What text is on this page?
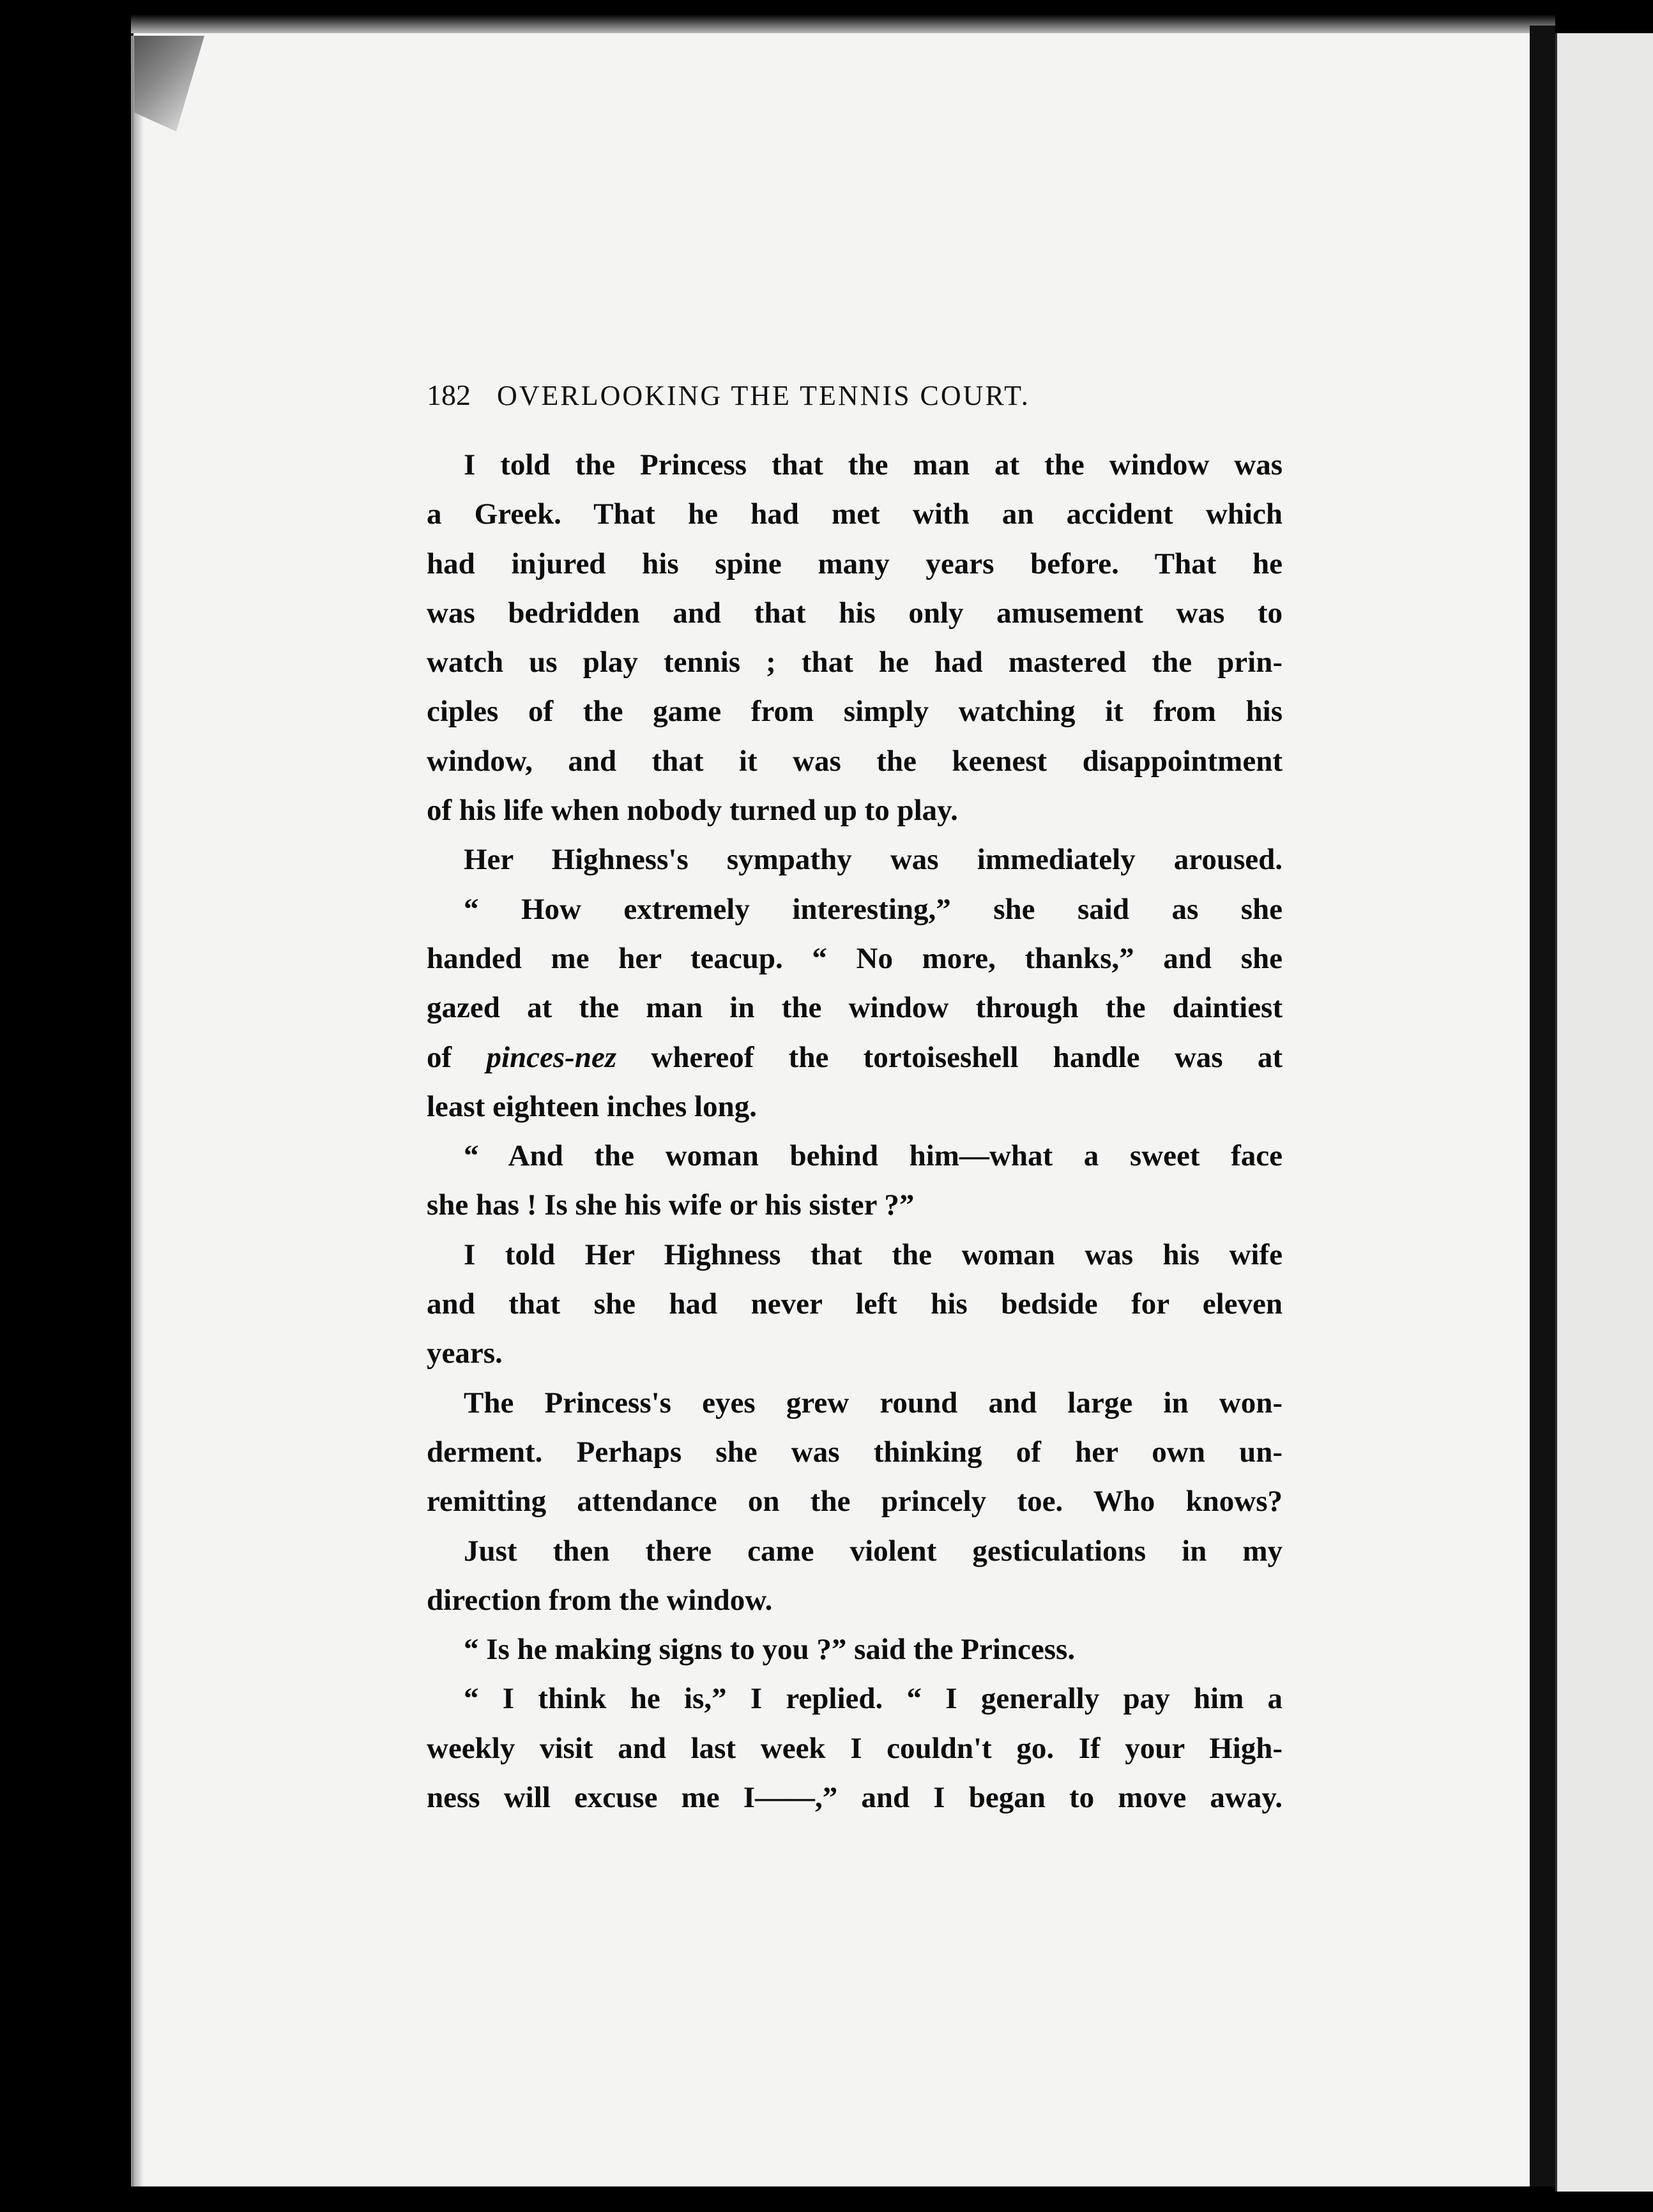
182 OVERLOOKING THE TENNIS COURT.
I told the Princess that the man at the window was
a Greek. That he had met with an accident which
had injured his spine many years before. That he
was bedridden and that his only amusement was to
watch us play tennis ; that he had mastered the prin-
ciples of the game from simply watching it from his
window, and that it was the keenest disappointment
of his life when nobody turned up to play.
Her Highness's sympathy was immediately aroused.
“ How extremely interesting,” she said as she
handed me her teacup. “ No more, thanks,” and she
gazed at the man in the window through the daintiest
of pinces-nez whereof the tortoiseshell handle was at
least eighteen inches long.
“ And the woman behind him—what a sweet face
she has ! Is she his wife or his sister ?”
I told Her Highness that the woman was his wife
and that she had never left his bedside for eleven
years.
The Princess's eyes grew round and large in won-
derment. Perhaps she was thinking of her own un-
remitting attendance on the princely toe. Who knows?
Just then there came violent gesticulations in my
direction from the window.
“ Is he making signs to you ?” said the Princess.
“ I think he is,” I replied. “ I generally pay him a
weekly visit and last week I couldn't go. If your High-
ness will excuse me I——,” and I began to move away.
